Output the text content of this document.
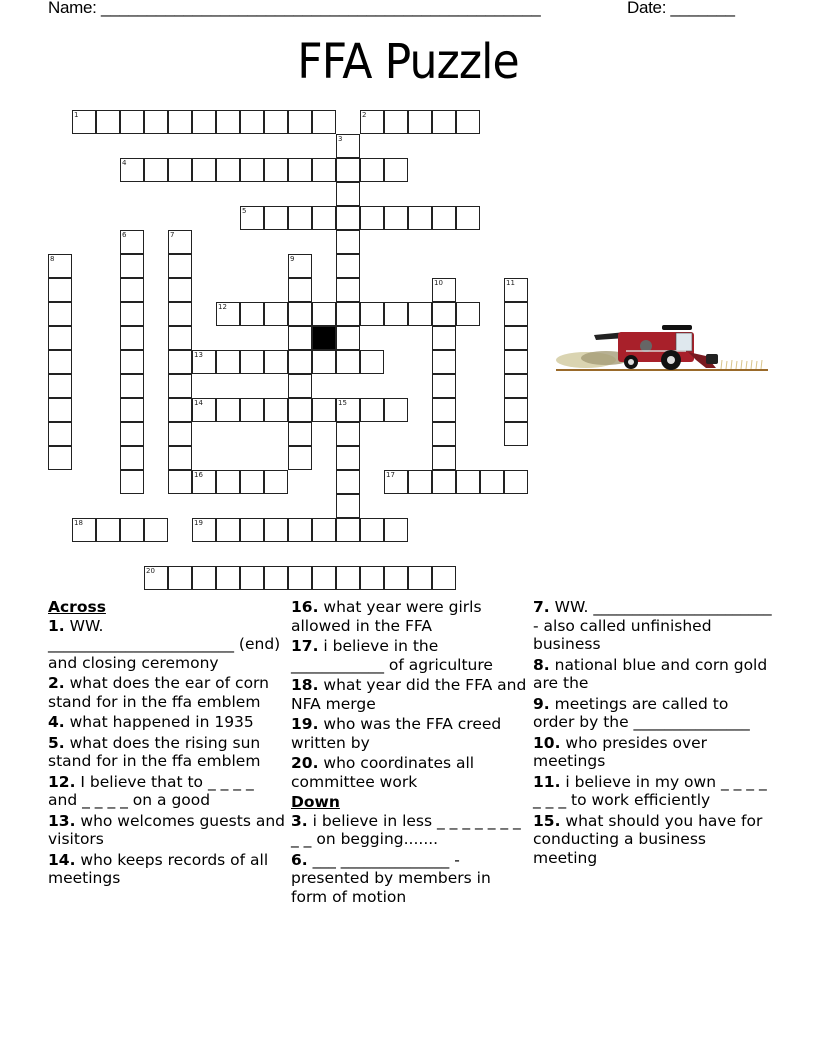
Name: ________________________________________________	Date: _______
FFA Puzzle
1	2
3
4
5
6	7
8	9
10	11
12
13
14	15
16	17
18	19
20
Across
1. WW. ________________________ (end) and closing ceremony
2. what does the ear of corn stand for in the ffa emblem
4. what happened in 1935
5. what does the rising sun stand for in the ffa emblem
12. I believe that to _ _ _ _ and _ _ _ _ on a good
13. who welcomes guests and visitors
14. who keeps records of all meetings
16. what year were girls allowed in the FFA
17. i believe in the ____________ of agriculture
18. what year did the FFA and NFA merge
19. who was the FFA creed written by
20. who coordinates all committee work
Down
3. i believe in less _ _ _ _ _ _ _ _ _ on begging.......
6. ___ ______________ - presented by members in form of motion
7. WW. _______________________ - also called unfinished business
8. national blue and corn gold are the
9. meetings are called to order by the _______________
10. who presides over meetings
11. i believe in my own _ _ _ _ _ _ _ to work efficiently
15. what should you have for conducting a business meeting
